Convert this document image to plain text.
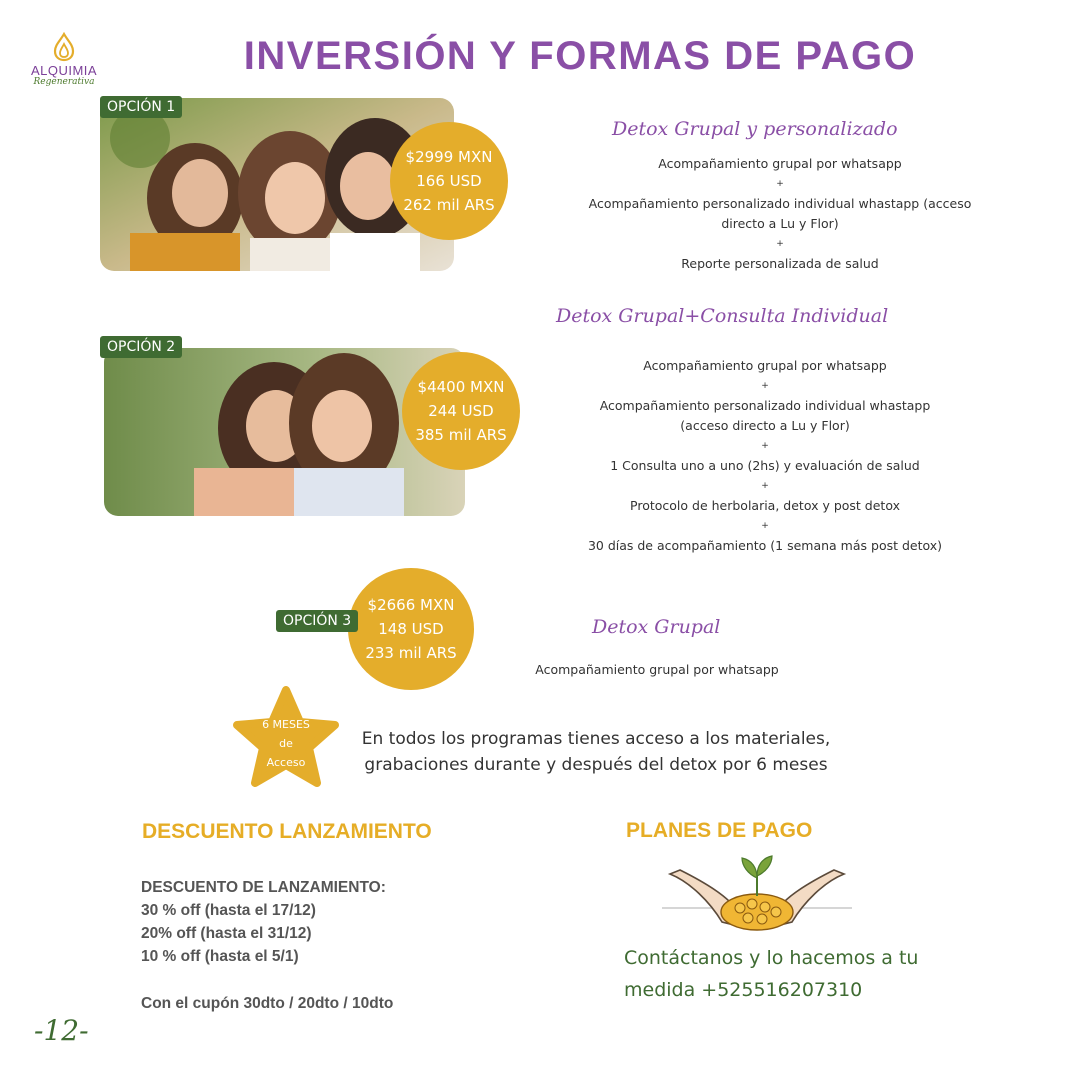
ALQUIMIA
Regenerativa
INVERSIÓN Y FORMAS DE PAGO
OPCIÓN 1
$2999 MXN
166 USD
262 mil ARS
Detox Grupal y personalizado
Acompañamiento grupal por whatsapp
+
Acompañamiento personalizado individual whastapp (acceso directo a Lu y Flor)
+
Reporte personalizada de salud
OPCIÓN 2
$4400 MXN
244 USD
385 mil ARS
Detox Grupal+Consulta Individual
Acompañamiento grupal por whatsapp
+
Acompañamiento personalizado individual whastapp (acceso directo a Lu y Flor)
+
1 Consulta uno a uno (2hs) y evaluación de salud
+
Protocolo de herbolaria, detox y post detox
+
30 días de acompañamiento (1 semana más post detox)
$2666 MXN
148 USD
233 mil ARS
OPCIÓN 3	Detox Grupal
Acompañamiento grupal por whatsapp
6 MESES
de
Acceso
En todos los programas tienes acceso a los materiales,
grabaciones durante y después del detox por 6 meses
DESCUENTO LANZAMIENTO
DESCUENTO DE LANZAMIENTO:
30 % off (hasta el 17/12)
20% off (hasta el 31/12)
10 % off (hasta el 5/1)
Con el cupón 30dto / 20dto / 10dto
PLANES DE PAGO
Contáctanos y lo hacemos a tu medida +525516207310
-12-
